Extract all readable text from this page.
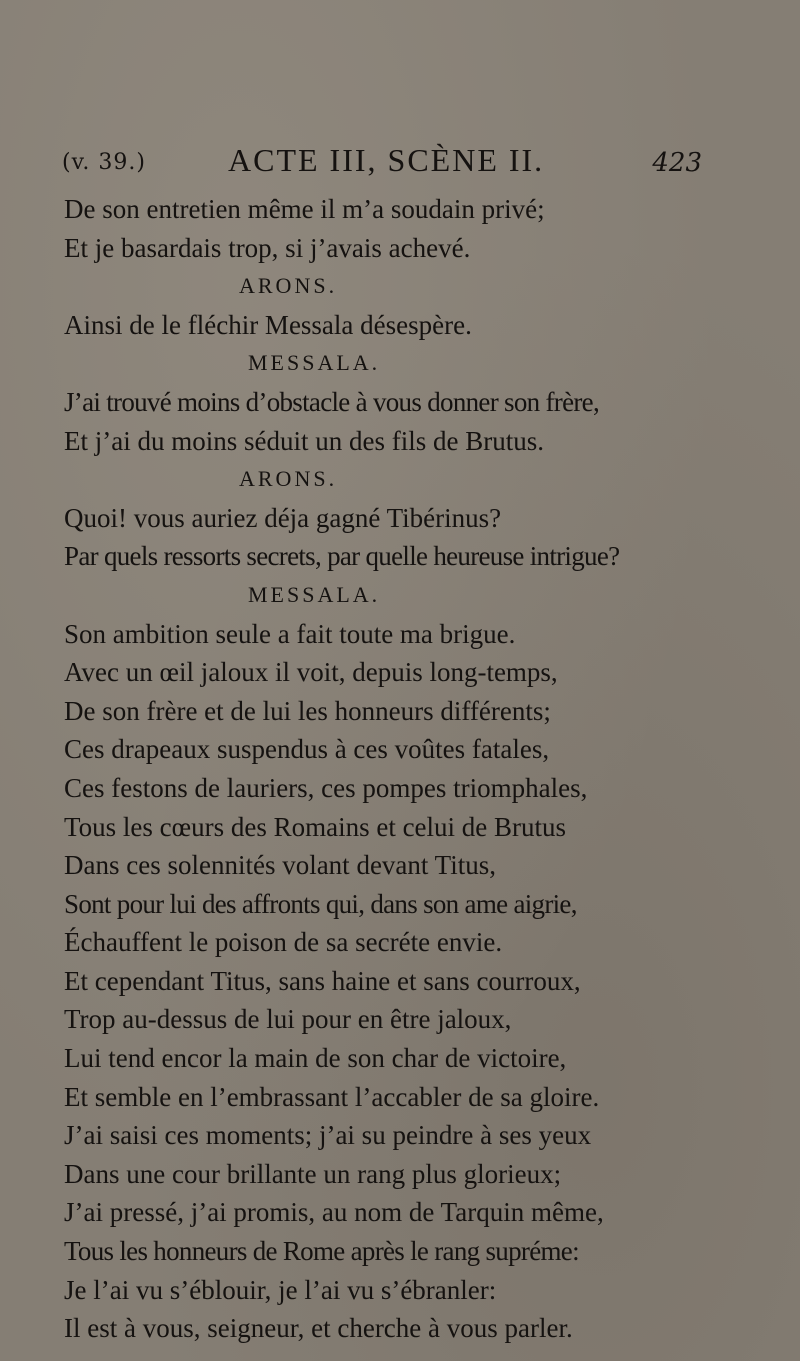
(v. 39.)	ACTE III, SCÈNE II.	423
De son entretien même il m’a soudain privé;
Et je basardais trop, si j’avais achevé.
ARONS.
Ainsi de le fléchir Messala désespère.
MESSALA.
J’ai trouvé moins d’obstacle à vous donner son frère,
Et j’ai du moins séduit un des fils de Brutus.
ARONS.
Quoi! vous auriez déja gagné Tibérinus?
Par quels ressorts secrets, par quelle heureuse intrigue?
MESSALA.
Son ambition seule a fait toute ma brigue.
Avec un œil jaloux il voit, depuis long-temps,
De son frère et de lui les honneurs différents;
Ces drapeaux suspendus à ces voûtes fatales,
Ces festons de lauriers, ces pompes triomphales,
Tous les cœurs des Romains et celui de Brutus
Dans ces solennités volant devant Titus,
Sont pour lui des affronts qui, dans son ame aigrie,
Échauffent le poison de sa secréte envie.
Et cependant Titus, sans haine et sans courroux,
Trop au-dessus de lui pour en être jaloux,
Lui tend encor la main de son char de victoire,
Et semble en l’embrassant l’accabler de sa gloire.
J’ai saisi ces moments; j’ai su peindre à ses yeux
Dans une cour brillante un rang plus glorieux;
J’ai pressé, j’ai promis, au nom de Tarquin même,
Tous les honneurs de Rome après le rang supréme:
Je l’ai vu s’éblouir, je l’ai vu s’ébranler:
Il est à vous, seigneur, et cherche à vous parler.
